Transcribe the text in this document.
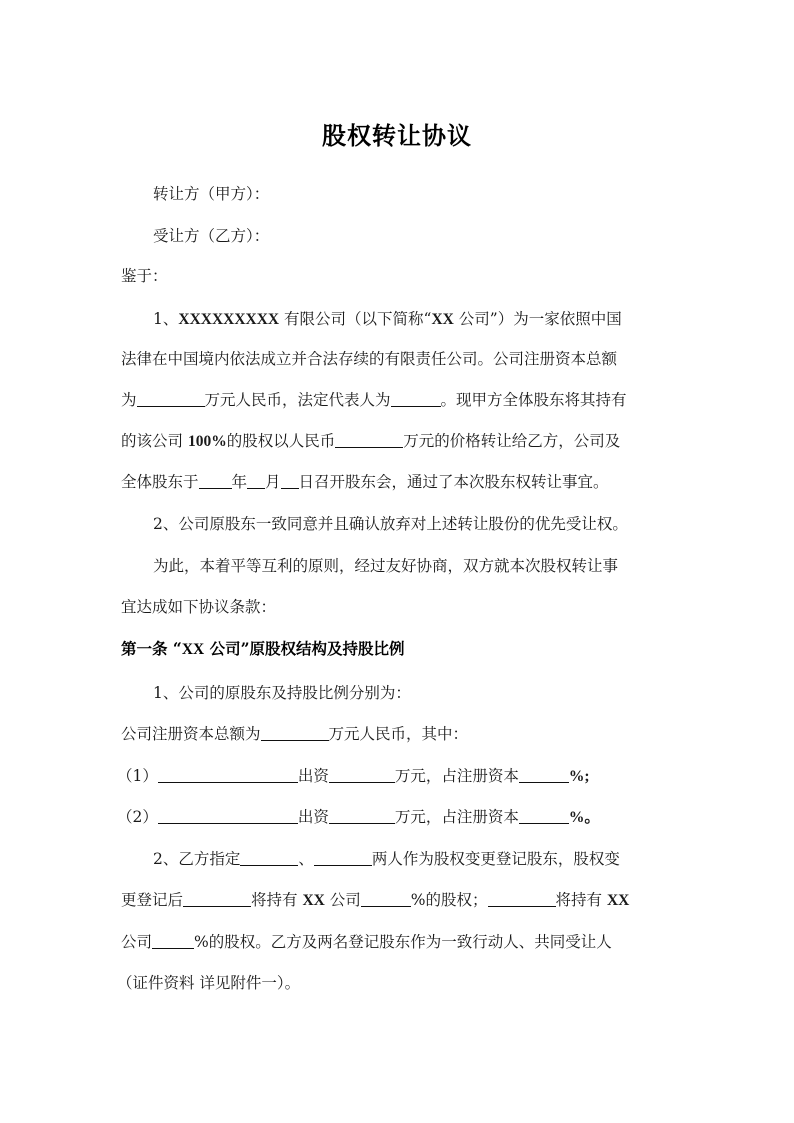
股权转让协议
转让方（甲方）：
受让方（乙方）：
鉴于：
1、XXXXXXXXX 有限公司（以下简称“XX 公司”）为一家依照中国
法律在中国境内依法成立并合法存续的有限责任公司。公司注册资本总额
为	万元人民币，法定代表人为	。现甲方全体股东将其持有
的该公司 100%的股权以人民币	万元的价格转让给乙方，公司及
全体股东于 年 月 日召开股东会，通过了本次股东权转让事宜。
2、公司原股东一致同意并且确认放弃对上述转让股份的优先受让权。
为此，本着平等互利的原则，经过友好协商，双方就本次股权转让事
宜达成如下协议条款：
第一条 “XX 公司”原股权结构及持股比例
1、公司的原股东及持股比例分别为：
公司注册资本总额为	万元人民币，其中：
（1）	出资	万元，占注册资本	%;
（2）	出资	万元，占注册资本	%。
2、乙方指定	、	两人作为股权变更登记股东，股权变
更登记后	将持有 XX 公司	%的股权；	将持有 XX
公司	%的股权。乙方及两名登记股东作为一致行动人、共同受让人
（证件资料 详见附件一）。
